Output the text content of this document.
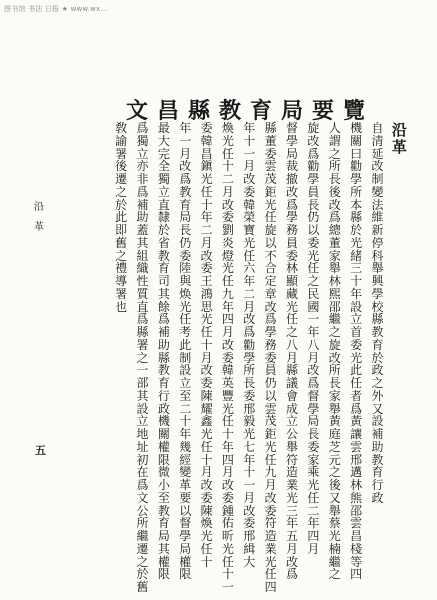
图书馆 书法 日报 ★ www.wx...
覽要局育教縣昌文
沿
革
自
清
延
改
制
變
法
維
新
停
科
舉
興
學
校
縣
教
育
於
政
之
外
又
設
補
助
教
育
行
政
機
關
曰
勸
學
所
本
縣
於
光
緒
三
十
年
設
立
首
委
光
此
任
者
爲
黃
讓
雲
邢
邁
林
熊
邵
雲
昌
棧
等
四
人
謂
之
所
長
後
改
爲
總
董
家
舉
林
熙
邵
繼
之
旋
改
所
長
家
舉
黃
庭
芝
元
之
後
又
舉
蔡
光
楠
繼
之
旋
改
爲
勸
學
員
長
仍
以
委
光
任
之
民
國
一
年
八
月
改
爲
督
學
局
長
委
家
乘
光
任
二
年
四
月
督
學
局
裁
撤
改
爲
學
務
員
委
林
顯
藏
光
任
之
八
月
縣
議
會
成
立
公
舉
符
造
業
光
三
年
五
月
改
爲
縣
董
委
雲
茂
鉅
光
任
旋
以
不
合
定
章
改
爲
學
務
委
員
仍
以
雲
茂
鉅
光
任
九
月
改
委
符
造
業
光
任
四
年
十
一
月
改
委
韓
榮
寶
光
任
六
年
二
月
改
爲
勸
學
所
長
委
邢
毅
光
七
年
十
一
月
改
委
邢
緝
大
煥
光
任
十
二
月
改
委
劉
炎
燈
光
任
九
年
四
月
改
委
韓
英
豐
光
任
十
年
四
月
改
委
鍾
佑
昕
光
任
十
一
委
韓
昌
鎭
光
任
十
年
二
月
改
委
王
鴻
思
光
任
十
月
改
委
陳
耀
鑫
光
任
十
月
改
委
陳
煥
光
任
十
年
一
月
改
爲
教
育
局
長
仍
委
陸
與
焕
光
任
考
此
制
設
立
至
二
十
年
幾
經
變
革
要
以
督
學
局
權
限
最
大
完
全
獨
立
直
隸
於
省
教
育
司
其
餘
爲
補
助
縣
教
育
行
政
機
關
權
限
微
小
至
教
育
局
其
權
限
爲
獨
立
亦
非
爲
補
助
蓋
其
組
織
性
質
直
爲
縣
署
之
一
部
其
設
立
地
址
初
在
爲
文
公
所
繼
遷
之
於
舊
敎
諭
署
後
遷
之
於
此
即
舊
之
禮
導
署
也
沿
革
五
